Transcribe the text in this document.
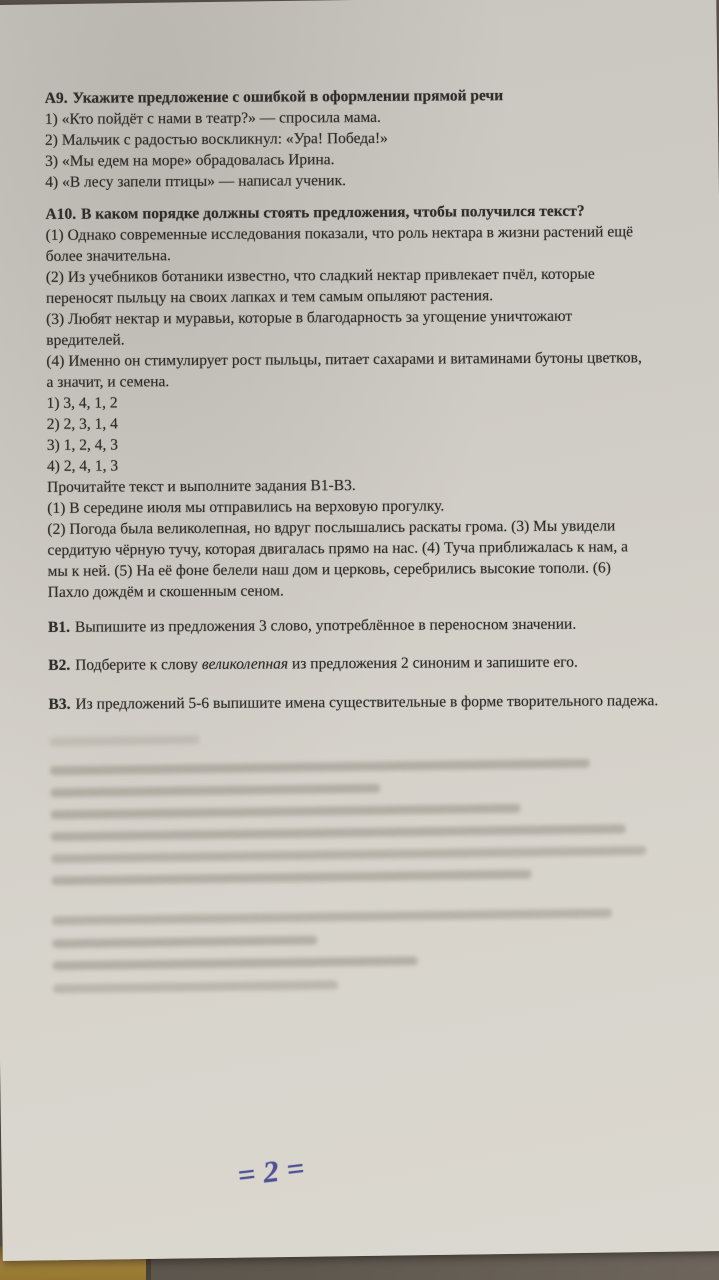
А9. Укажите предложение с ошибкой в оформлении прямой речи
1) «Кто пойдёт с нами в театр?» — спросила мама.
2) Мальчик с радостью воскликнул: «Ура! Победа!»
3) «Мы едем на море» обрадовалась Ирина.
4) «В лесу запели птицы» — написал ученик.
А10. В каком порядке должны стоять предложения, чтобы получился текст?
(1) Однако современные исследования показали, что роль нектара в жизни растений ещё
более значительна.
(2) Из учебников ботаники известно, что сладкий нектар привлекает пчёл, которые
переносят пыльцу на своих лапках и тем самым опыляют растения.
(3) Любят нектар и муравьи, которые в благодарность за угощение уничтожают
вредителей.
(4) Именно он стимулирует рост пыльцы, питает сахарами и витаминами бутоны цветков,
а значит, и семена.
1) 3, 4, 1, 2
2) 2, 3, 1, 4
3) 1, 2, 4, 3
4) 2, 4, 1, 3
Прочитайте текст и выполните задания В1-В3.
(1) В середине июля мы отправились на верховую прогулку.
(2) Погода была великолепная, но вдруг послышались раскаты грома. (3) Мы увидели
сердитую чёрную тучу, которая двигалась прямо на нас. (4) Туча приближалась к нам, а
мы к ней. (5) На её фоне белели наш дом и церковь, серебрились высокие тополи. (6)
Пахло дождём и скошенным сеном.
В1. Выпишите из предложения 3 слово, употреблённое в переносном значении.
В2. Подберите к слову великолепная из предложения 2 синоним и запишите его.
В3. Из предложений 5-6 выпишите имена существительные в форме творительного падежа.
=2=
